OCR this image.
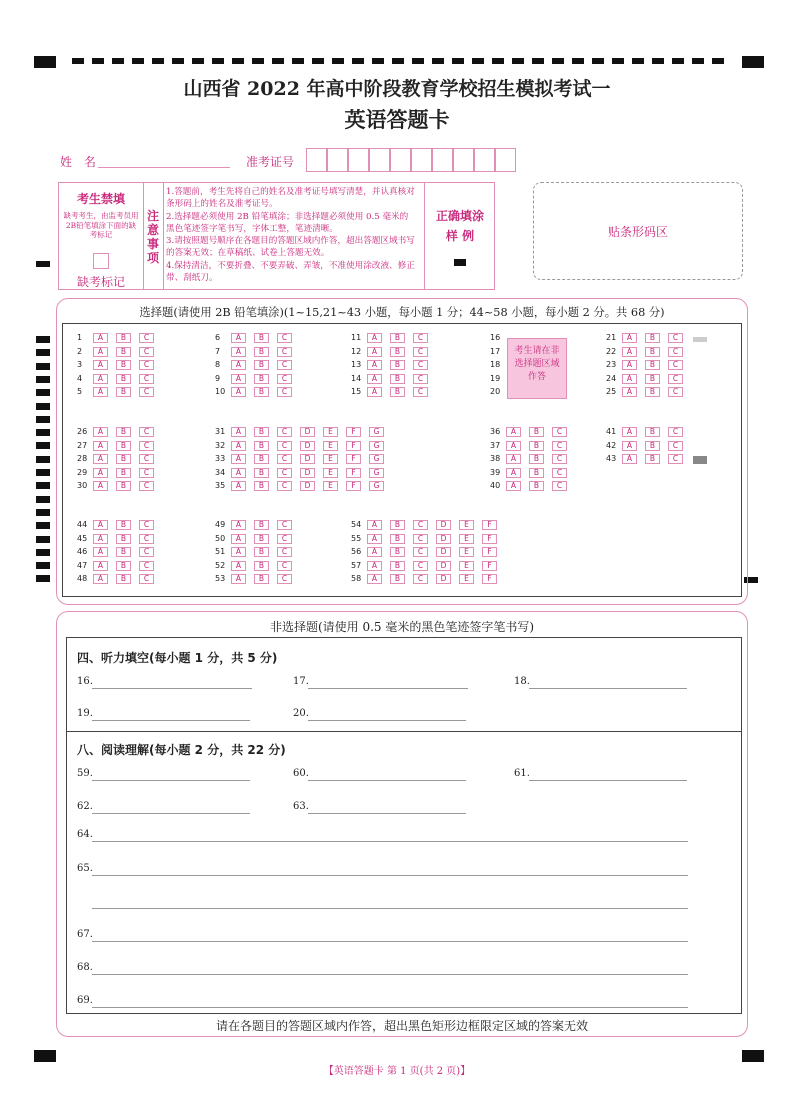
山西省 2022 年高中阶段教育学校招生模拟考试一
英语答题卡
姓 名	准考证号
考生禁填
缺考考生，由监考员用2B铅笔填涂下面的缺考标记
缺考标记
注意事项
1.答题前，考生先将自己的姓名及准考证号填写清楚，并认真核对条形码上的姓名及准考证号。
2.选择题必须使用 2B 铅笔填涂；非选择题必须使用 0.5 毫米的黑色笔迹签字笔书写，字体工整，笔迹清晰。
3.请按照题号顺序在各题目的答题区域内作答，超出答题区域书写的答案无效；在草稿纸、试卷上答题无效。
4.保持清洁，不要折叠、不要弄破、弄皱，不准使用涂改液、修正带、刮纸刀。
正确填涂
样 例	贴条形码区
选择题(请使用 2B 铅笔填涂)(1~15,21~43 小题，每小题 1 分；44~58 小题，每小题 2 分。共 68 分)
考生请在非选择题区域作答
1	A	B	C
2	A	B	C
3	A	B	C
4	A	B	C
5	A	B	C
6	A	B	C
7	A	B	C
8	A	B	C
9	A	B	C
10	A	B	C
11	A	B	C
12	A	B	C
13	A	B	C
14	A	B	C
15	A	B	C
16
17
18
19
20
21	A	B	C
22	A	B	C
23	A	B	C
24	A	B	C
25	A	B	C
26	A	B	C
27	A	B	C
28	A	B	C
29	A	B	C
30	A	B	C
31	A	B	C	D	E	F	G
32	A	B	C	D	E	F	G
33	A	B	C	D	E	F	G
34	A	B	C	D	E	F	G
35	A	B	C	D	E	F	G
36	A	B	C
37	A	B	C
38	A	B	C
39	A	B	C
40	A	B	C
41	A	B	C
42	A	B	C
43	A	B	C
44	A	B	C
45	A	B	C
46	A	B	C
47	A	B	C
48	A	B	C
49	A	B	C
50	A	B	C
51	A	B	C
52	A	B	C
53	A	B	C
54	A	B	C	D	E	F
55	A	B	C	D	E	F
56	A	B	C	D	E	F
57	A	B	C	D	E	F
58	A	B	C	D	E	F
非选择题(请使用 0.5 毫米的黑色笔迹签字笔书写)
四、听力填空(每小题 1 分，共 5 分)
八、阅读理解(每小题 2 分，共 22 分)
16.	17.	18.
19.	20.
59.	60.	61.
62.	63.
64.
65.
67.
68.
69.
请在各题目的答题区域内作答，超出黑色矩形边框限定区域的答案无效
【英语答题卡 第 1 页(共 2 页)】
